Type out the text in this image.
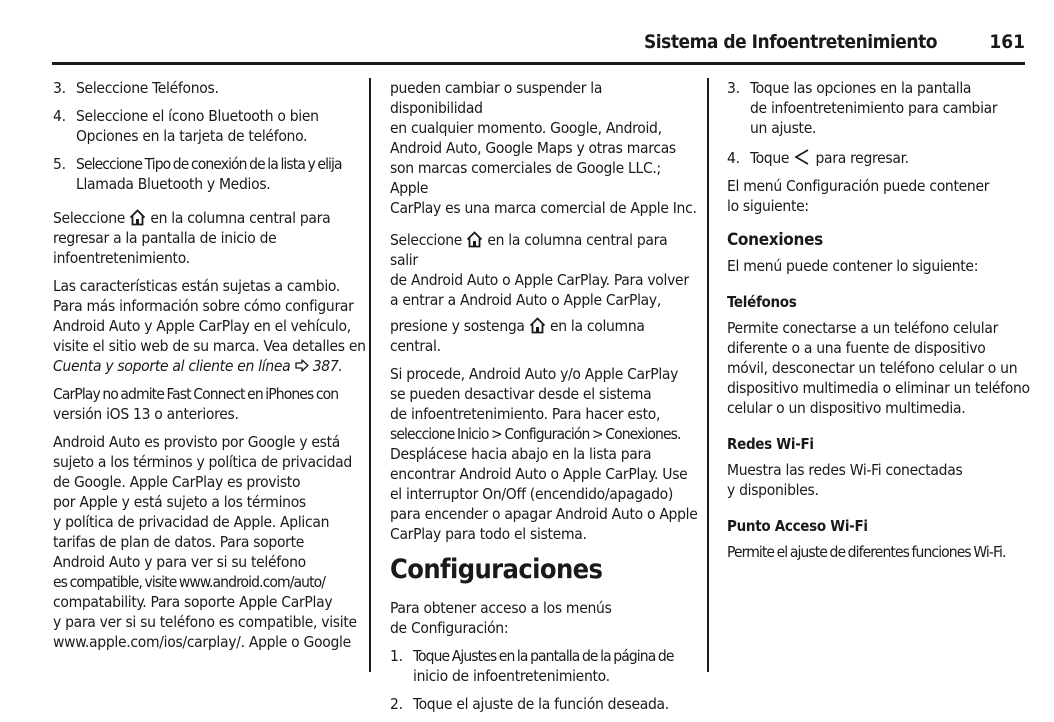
Sistema de Infoentretenimiento	161
3. Seleccione Teléfonos.
4. Seleccione el ícono Bluetooth o bien
Opciones en la tarjeta de teléfono.
5. Seleccione Tipo de conexión de la lista y elija
Llamada Bluetooth y Medios.

Seleccione en la columna central para
regresar a la pantalla de inicio de
infoentretenimiento.

Las características están sujetas a cambio.
Para más información sobre cómo configurar
Android Auto y Apple CarPlay en el vehículo,
visite el sitio web de su marca. Vea detalles en
Cuenta y soporte al cliente en línea 387.

CarPlay no admite Fast Connect en iPhones con
versión iOS 13 o anteriores.

Android Auto es provisto por Google y está
sujeto a los términos y política de privacidad
de Google. Apple CarPlay es provisto
por Apple y está sujeto a los términos
y política de privacidad de Apple. Aplican
tarifas de plan de datos. Para soporte
Android Auto y para ver si su teléfono
es compatible, visite www.android.com/auto/
compatability. Para soporte Apple CarPlay
y para ver si su teléfono es compatible, visite
www.apple.com/ios/carplay/. Apple o Google

pueden cambiar o suspender la disponibilidad
en cualquier momento. Google, Android,
Android Auto, Google Maps y otras marcas
son marcas comerciales de Google LLC.; Apple
CarPlay es una marca comercial de Apple Inc.

Seleccione en la columna central para salir
de Android Auto o Apple CarPlay. Para volver
a entrar a Android Auto o Apple CarPlay,
presione y sostenga en la columna central.

Si procede, Android Auto y/o Apple CarPlay
se pueden desactivar desde el sistema
de infoentretenimiento. Para hacer esto,
seleccione Inicio > Configuración > Conexiones.
Desplácese hacia abajo en la lista para
encontrar Android Auto o Apple CarPlay. Use
el interruptor On/Off (encendido/apagado)
para encender o apagar Android Auto o Apple
CarPlay para todo el sistema.

Configuraciones

Para obtener acceso a los menús
de Configuración:

1. Toque Ajustes en la pantalla de la página de
inicio de infoentretenimiento.
2. Toque el ajuste de la función deseada.
3. Toque las opciones en la pantalla
de infoentretenimiento para cambiar
un ajuste.
4. Toque para regresar.

El menú Configuración puede contener
lo siguiente:

Conexiones

El menú puede contener lo siguiente:

Teléfonos

Permite conectarse a un teléfono celular
diferente o a una fuente de dispositivo
móvil, desconectar un teléfono celular o un
dispositivo multimedia o eliminar un teléfono
celular o un dispositivo multimedia.

Redes Wi-Fi

Muestra las redes Wi-Fi conectadas
y disponibles.

Punto Acceso Wi-Fi

Permite el ajuste de diferentes funciones Wi-Fi.
